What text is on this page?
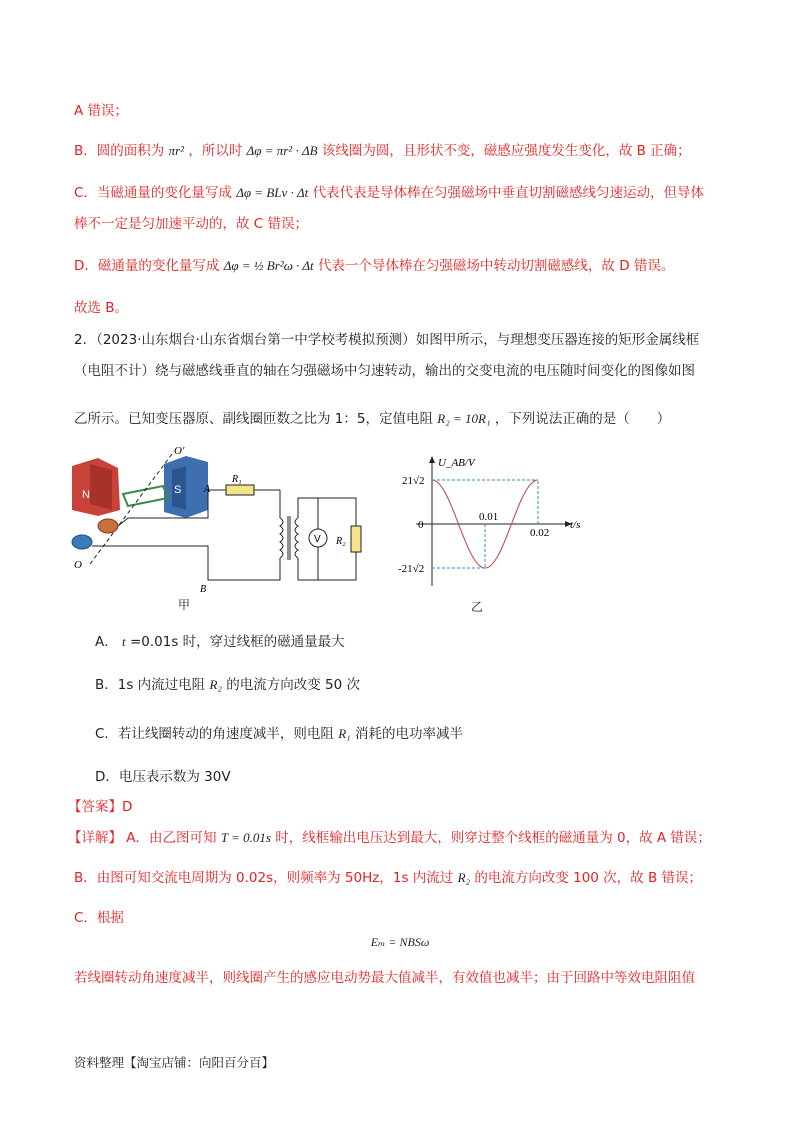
A 错误；
B．圆的面积为 πr² ，所以时 Δφ = πr² · ΔB 该线圈为圆，且形状不变，磁感应强度发生变化，故 B 正确；
C．当磁通量的变化量写成 Δφ = BLv · Δt 代表代表是导体棒在匀强磁场中垂直切割磁感线匀速运动，但导体
棒不一定是匀加速平动的，故 C 错误；
D．磁通量的变化量写成 Δφ = ½ Br²ω · Δt 代表一个导体棒在匀强磁场中转动切割磁感线，故 D 错误。
故选 B。
2．（2023·山东烟台·山东省烟台第一中学校考模拟预测）如图甲所示，与理想变压器连接的矩形金属线框
（电阻不计）绕与磁感线垂直的轴在匀强磁场中匀速转动，输出的交变电流的电压随时间变化的图像如图
乙所示。已知变压器原、副线圈匝数之比为 1：5，定值电阻 R₂ = 10R₁ ，下列说法正确的是（　　）
N	S
O′
O
R₁
A
B
V R₂
甲
U_AB/V
t/s
21√2
-21√2
0
0.01
0.02
乙
A． t =0.01s 时，穿过线框的磁通量最大
B．1s 内流过电阻 R₂ 的电流方向改变 50 次
C．若让线圈转动的角速度减半，则电阻 R₁ 消耗的电功率减半
D．电压表示数为 30V
【答案】D
【详解】 A．由乙图可知 T = 0.01s 时，线框输出电压达到最大，则穿过整个线框的磁通量为 0，故 A 错误；
B．由图可知交流电周期为 0.02s，则频率为 50Hz，1s 内流过 R₂ 的电流方向改变 100 次，故 B 错误；
C．根据
Eₘ = NBSω
若线圈转动角速度减半，则线圈产生的感应电动势最大值减半，有效值也减半；由于回路中等效电阻阻值
资料整理【淘宝店铺：向阳百分百】
